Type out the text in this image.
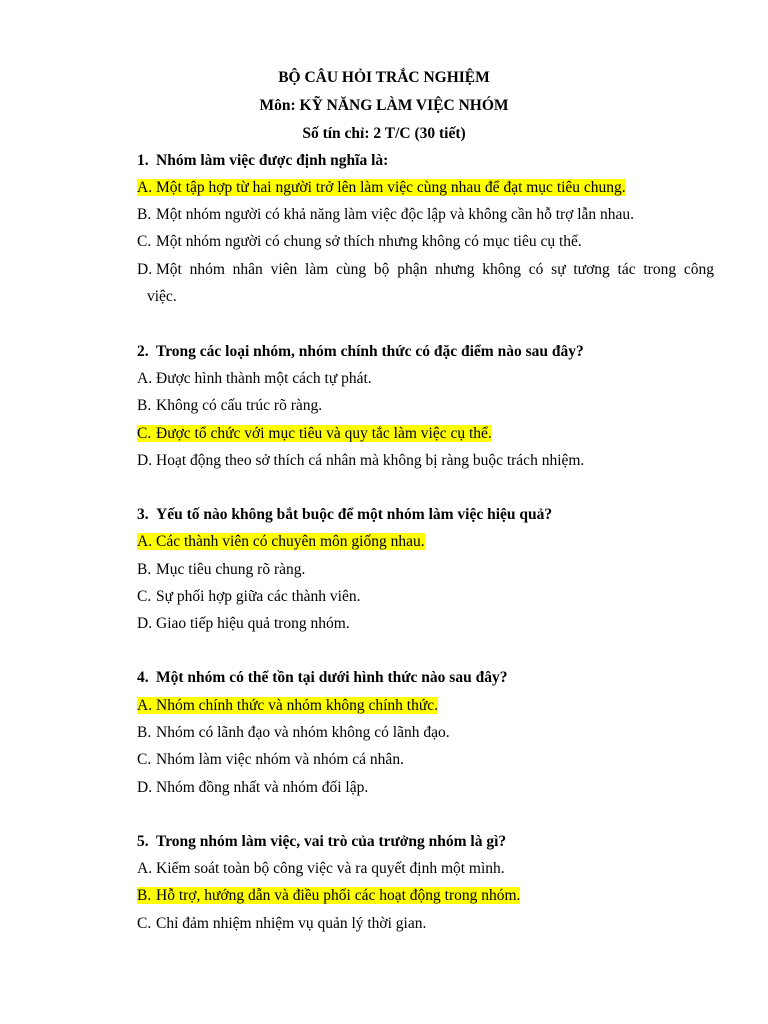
BỘ CÂU HỎI TRẮC NGHIỆM
Môn: KỸ NĂNG LÀM VIỆC NHÓM
Số tín chỉ: 2 T/C (30 tiết)
1. Nhóm làm việc được định nghĩa là:
A. Một tập hợp từ hai người trở lên làm việc cùng nhau để đạt mục tiêu chung.
B. Một nhóm người có khả năng làm việc độc lập và không cần hỗ trợ lẫn nhau.
C. Một nhóm người có chung sở thích nhưng không có mục tiêu cụ thể.
D. Một nhóm nhân viên làm cùng bộ phận nhưng không có sự tương tác trong công
việc.
2. Trong các loại nhóm, nhóm chính thức có đặc điểm nào sau đây?
A. Được hình thành một cách tự phát.
B. Không có cấu trúc rõ ràng.
C. Được tổ chức với mục tiêu và quy tắc làm việc cụ thể.
D. Hoạt động theo sở thích cá nhân mà không bị ràng buộc trách nhiệm.
3. Yếu tố nào không bắt buộc để một nhóm làm việc hiệu quả?
A. Các thành viên có chuyên môn giống nhau.
B. Mục tiêu chung rõ ràng.
C. Sự phối hợp giữa các thành viên.
D. Giao tiếp hiệu quả trong nhóm.
4. Một nhóm có thể tồn tại dưới hình thức nào sau đây?
A. Nhóm chính thức và nhóm không chính thức.
B. Nhóm có lãnh đạo và nhóm không có lãnh đạo.
C. Nhóm làm việc nhóm và nhóm cá nhân.
D. Nhóm đồng nhất và nhóm đối lập.
5. Trong nhóm làm việc, vai trò của trưởng nhóm là gì?
A. Kiểm soát toàn bộ công việc và ra quyết định một mình.
B. Hỗ trợ, hướng dẫn và điều phối các hoạt động trong nhóm.
C. Chỉ đảm nhiệm nhiệm vụ quản lý thời gian.
